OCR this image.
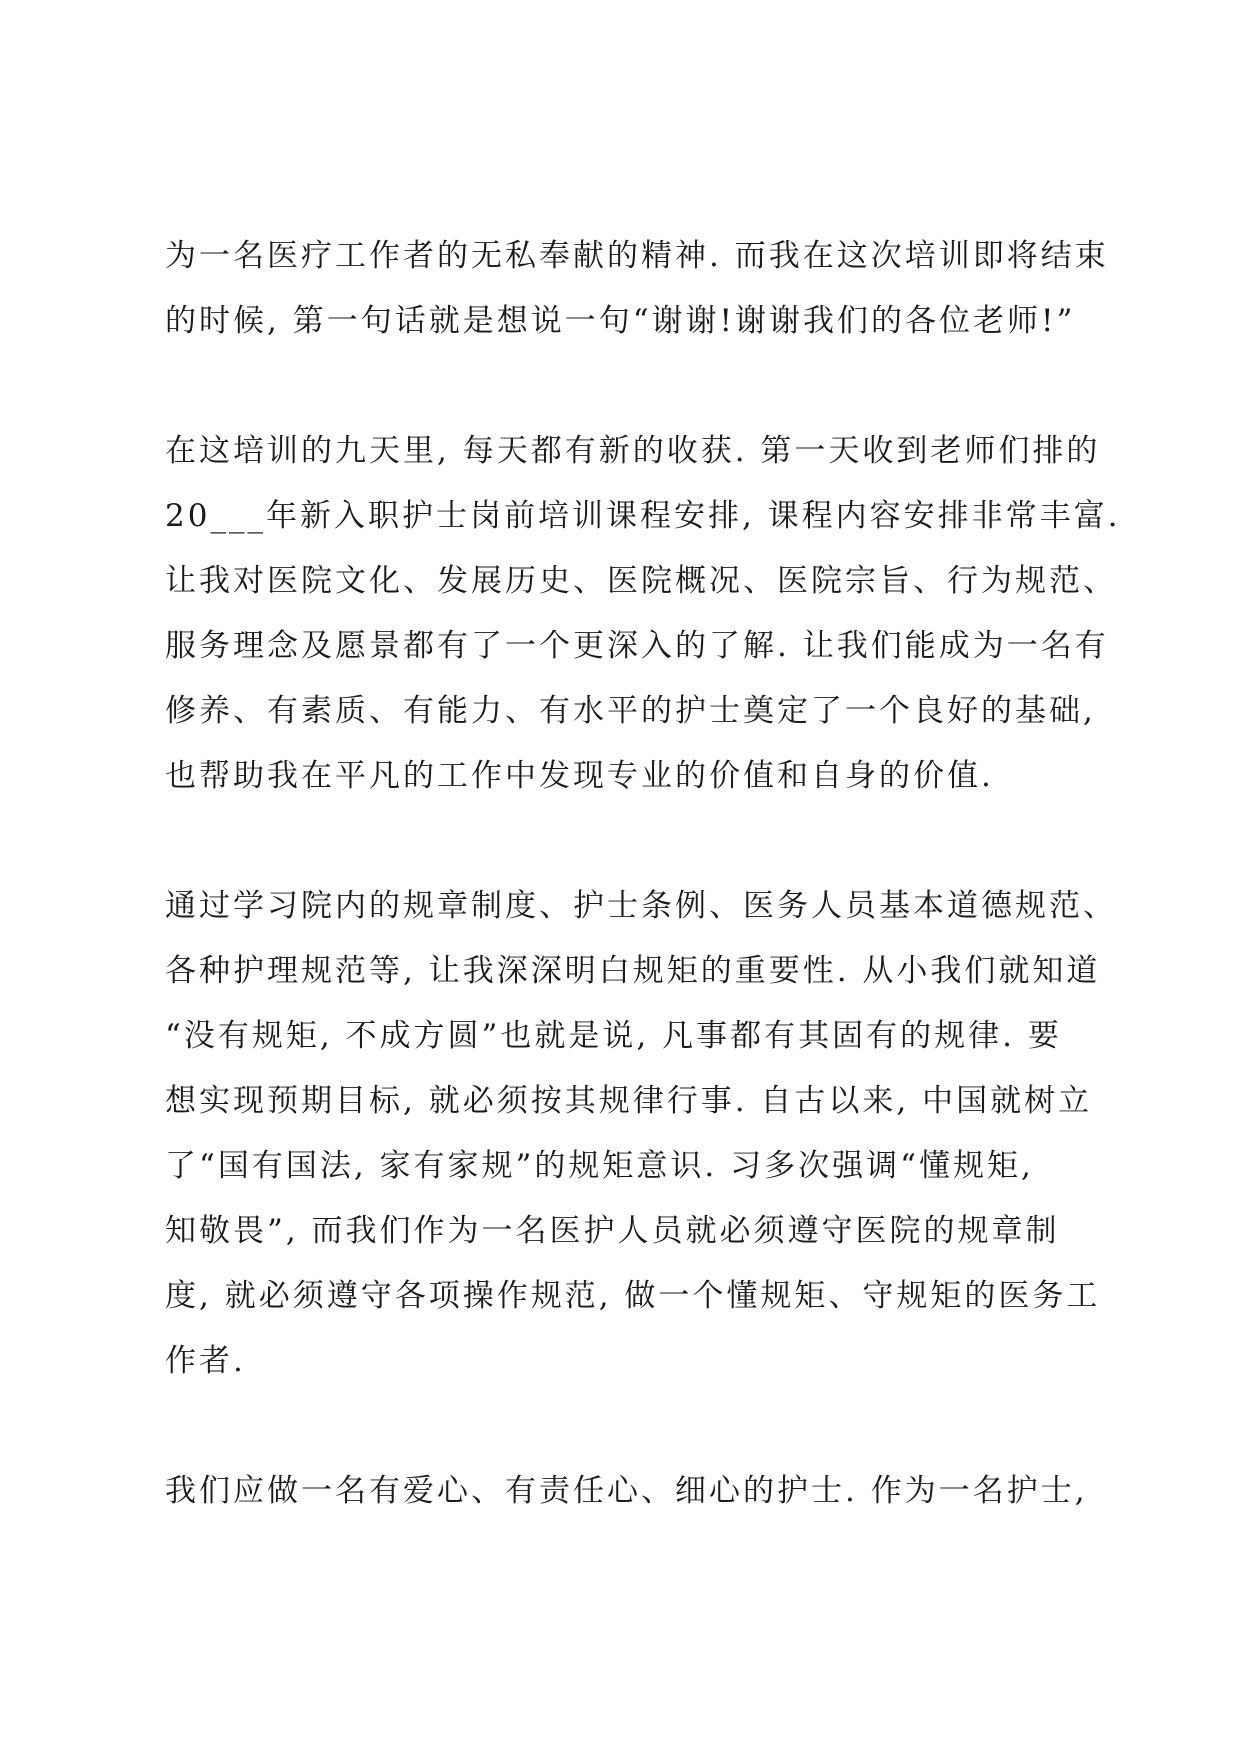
为一名医疗工作者的无私奉献的精神. 而我在这次培训即将结束
的时候, 第一句话就是想说一句“谢谢!谢谢我们的各位老师!”
在这培训的九天里, 每天都有新的收获. 第一天收到老师们排的
20___年新入职护士岗前培训课程安排, 课程内容安排非常丰富.
让我对医院文化、发展历史、医院概况、医院宗旨、行为规范、
服务理念及愿景都有了一个更深入的了解. 让我们能成为一名有
修养、有素质、有能力、有水平的护士奠定了一个良好的基础,
也帮助我在平凡的工作中发现专业的价值和自身的价值.
通过学习院内的规章制度、护士条例、医务人员基本道德规范、
各种护理规范等, 让我深深明白规矩的重要性. 从小我们就知道
“没有规矩, 不成方圆”也就是说, 凡事都有其固有的规律. 要
想实现预期目标, 就必须按其规律行事. 自古以来, 中国就树立
了“国有国法, 家有家规”的规矩意识. 习多次强调“懂规矩,
知敬畏”, 而我们作为一名医护人员就必须遵守医院的规章制
度, 就必须遵守各项操作规范, 做一个懂规矩、守规矩的医务工
作者.
我们应做一名有爱心、有责任心、细心的护士. 作为一名护士,
